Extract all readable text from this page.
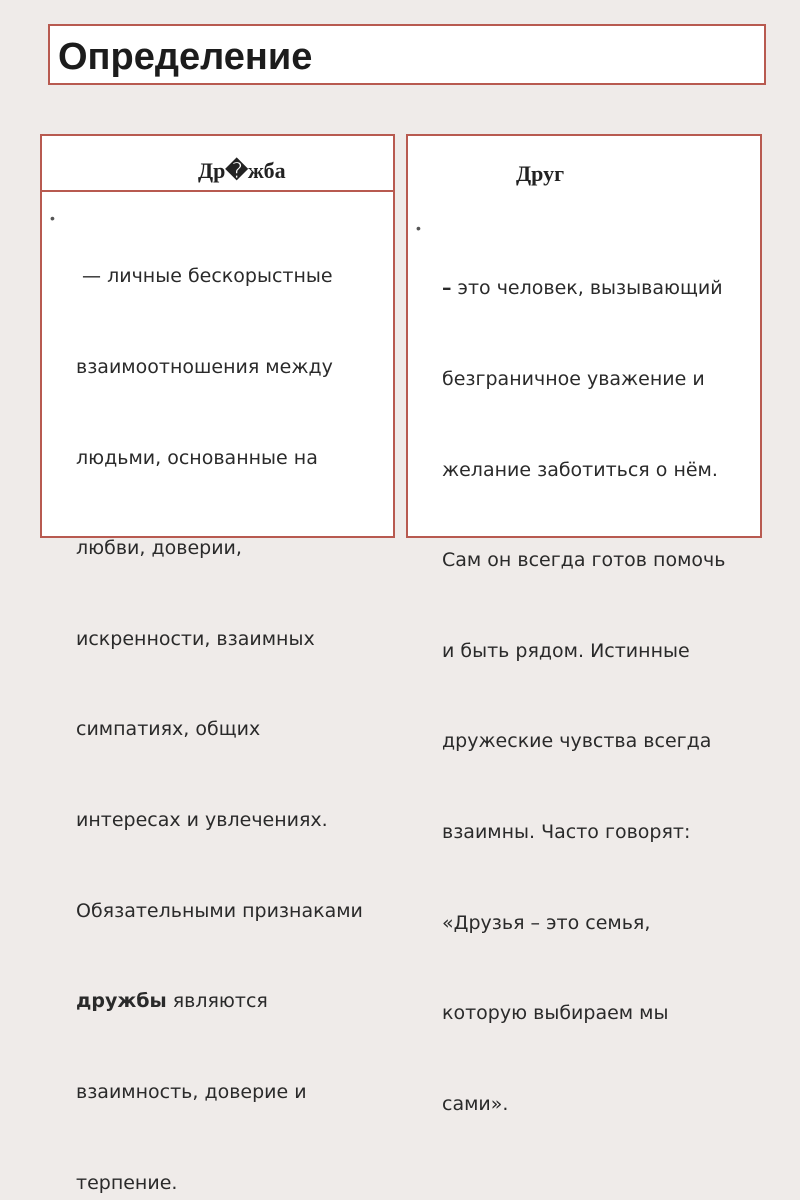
Определение
Др�жба
•

— личные бескорыстные

взаимоотношения между

людьми, основанные на

любви, доверии,

искренности, взаимных

симпатиях, общих

интересах и увлечениях.

Обязательными признаками

дружбы являются

взаимность, доверие и

терпение.

Друг
•

– это человек, вызывающий

безграничное уважение и

желание заботиться о нём.

Сам он всегда готов помочь

и быть рядом. Истинные

дружеские чувства всегда

взаимны. Часто говорят:

«Друзья – это семья,

которую выбираем мы

сами».
